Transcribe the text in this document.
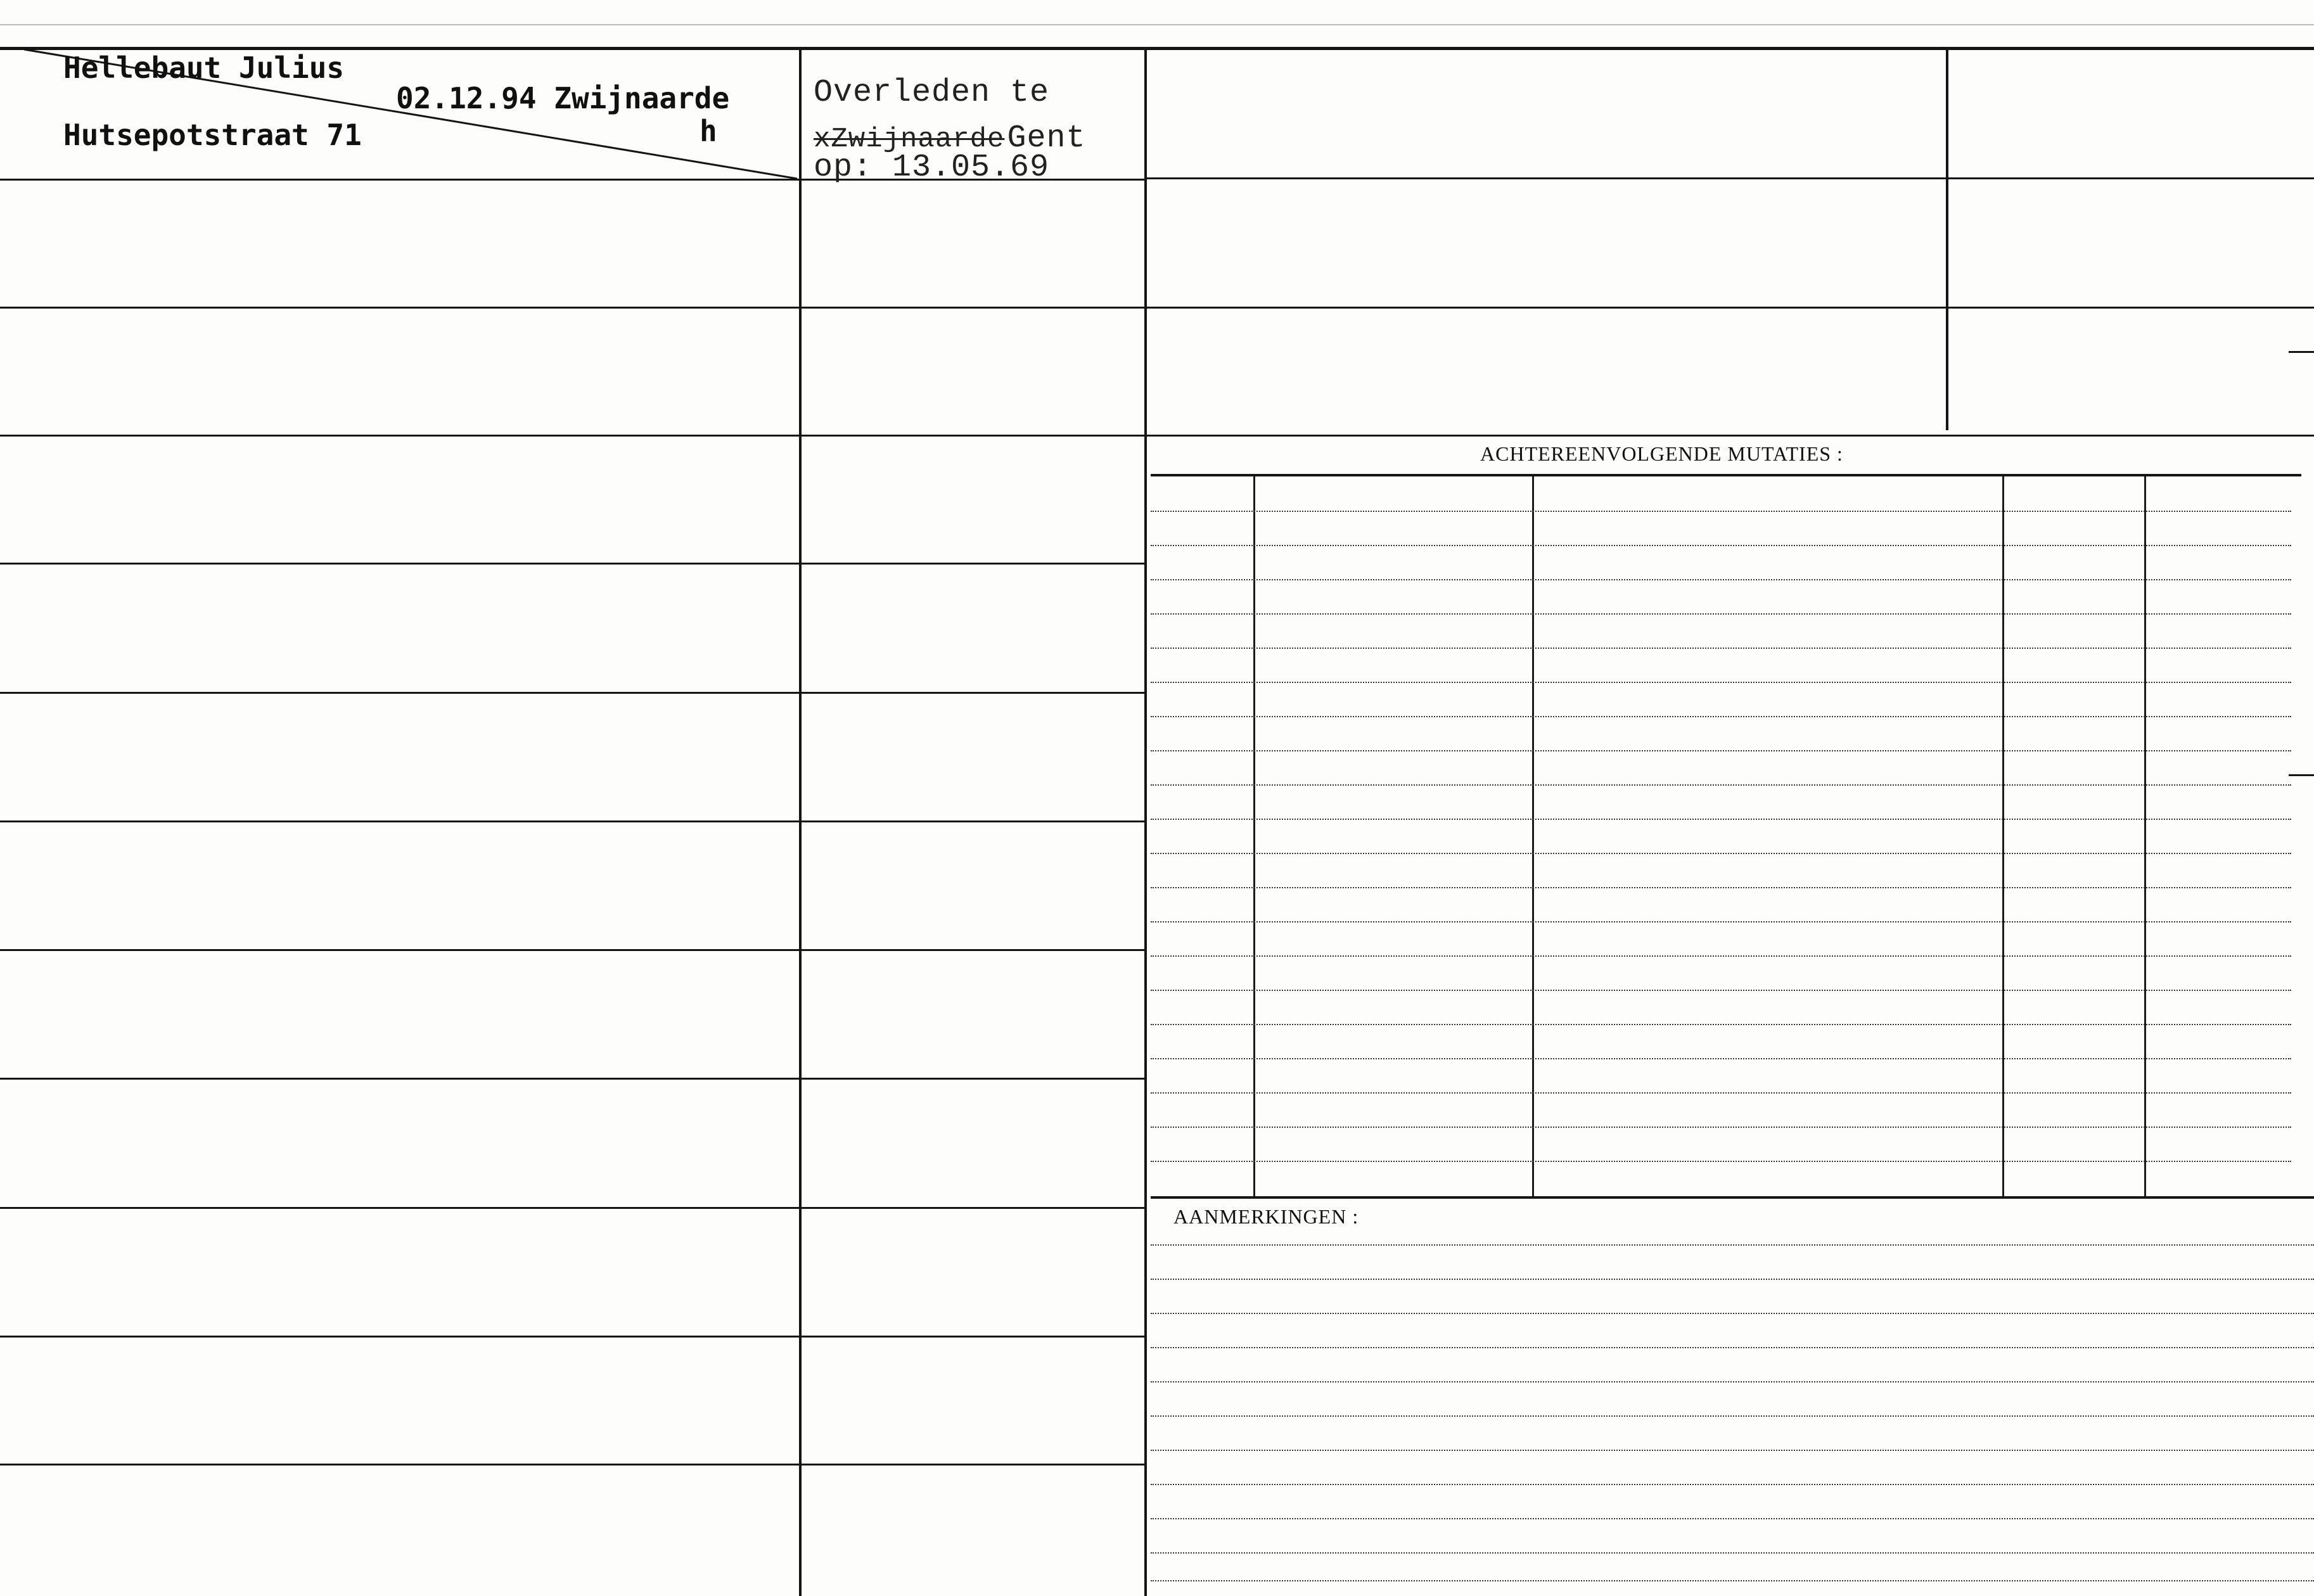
Hellebaut Julius
02.12.94 Zwijnaarde
Hutsepotstraat 71	h
Overleden te
xZwijnaarde Gent
op: 13.05.69
ACHTEREENVOLGENDE MUTATIES :
AANMERKINGEN :
